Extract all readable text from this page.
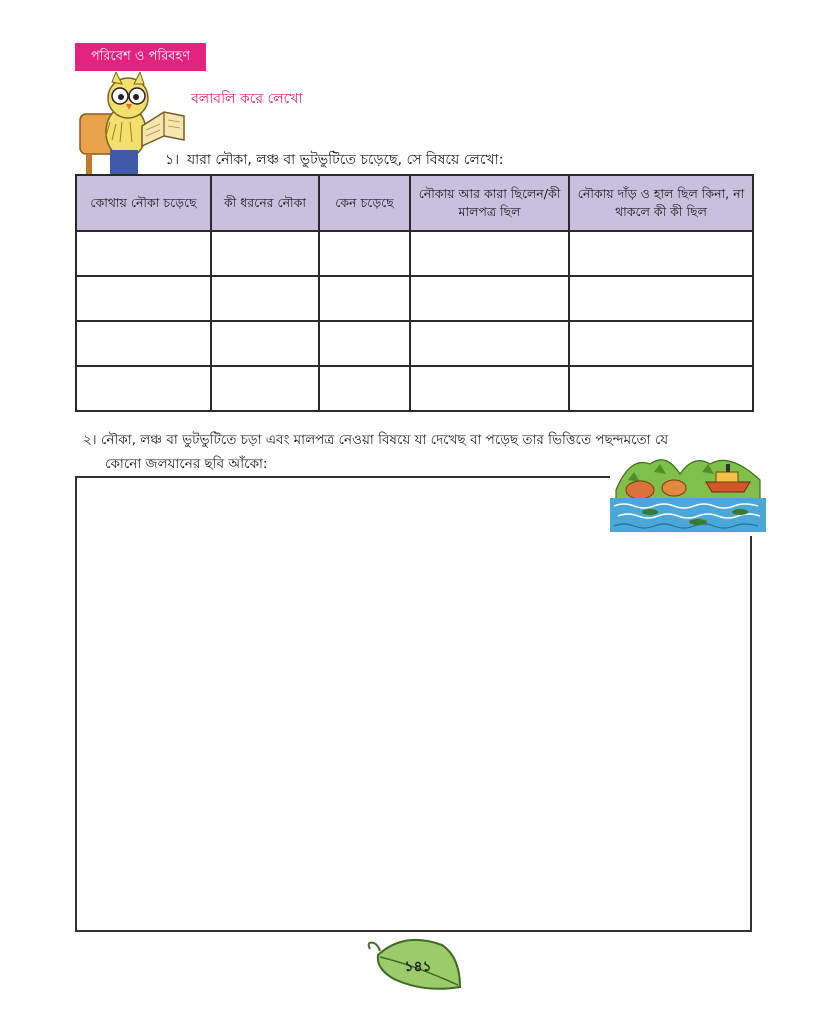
পরিবেশ ও পরিবহণ
বলাবলি করে লেখো
১। যারা নৌকা, লঞ্চ বা ভুটভুটিতে চড়েছে, সে বিষয়ে লেখো:
কোথায় নৌকা চড়েছে	কী ধরনের নৌকা	কেন চড়েছে	নৌকায় আর কারা ছিলেন/কী মালপত্র ছিল	নৌকায় দাঁড় ও হাল ছিল কিনা, না থাকলে কী কী ছিল

২। নৌকা, লঞ্চ বা ভুটভুটিতে চড়া এবং মালপত্র নেওয়া বিষয়ে যা দেখেছ বা পড়েছ তার ভিত্তিতে পছন্দমতো যে
কোনো জলযানের ছবি আঁকো:
১৪১
